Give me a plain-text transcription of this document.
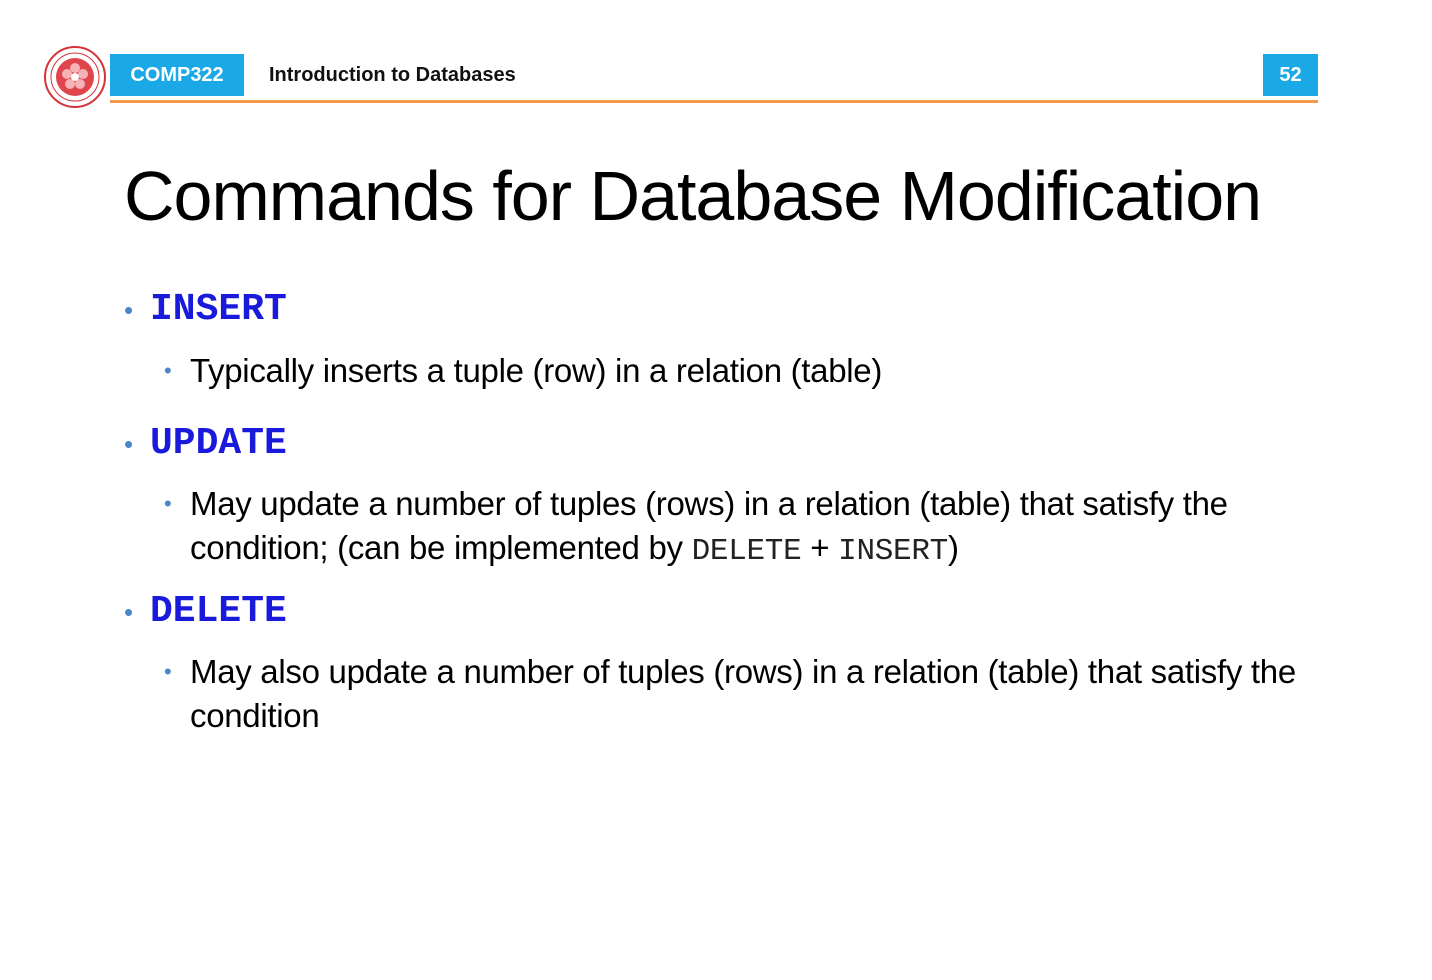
COMP322	Introduction to Databases	52
Commands for Database Modification
• INSERT
• Typically inserts a tuple (row) in a relation (table)
• UPDATE
• May update a number of tuples (rows) in a relation (table) that satisfy the condition; (can be implemented by DELETE + INSERT)
• DELETE
• May also update a number of tuples (rows) in a relation (table) that satisfy the condition
